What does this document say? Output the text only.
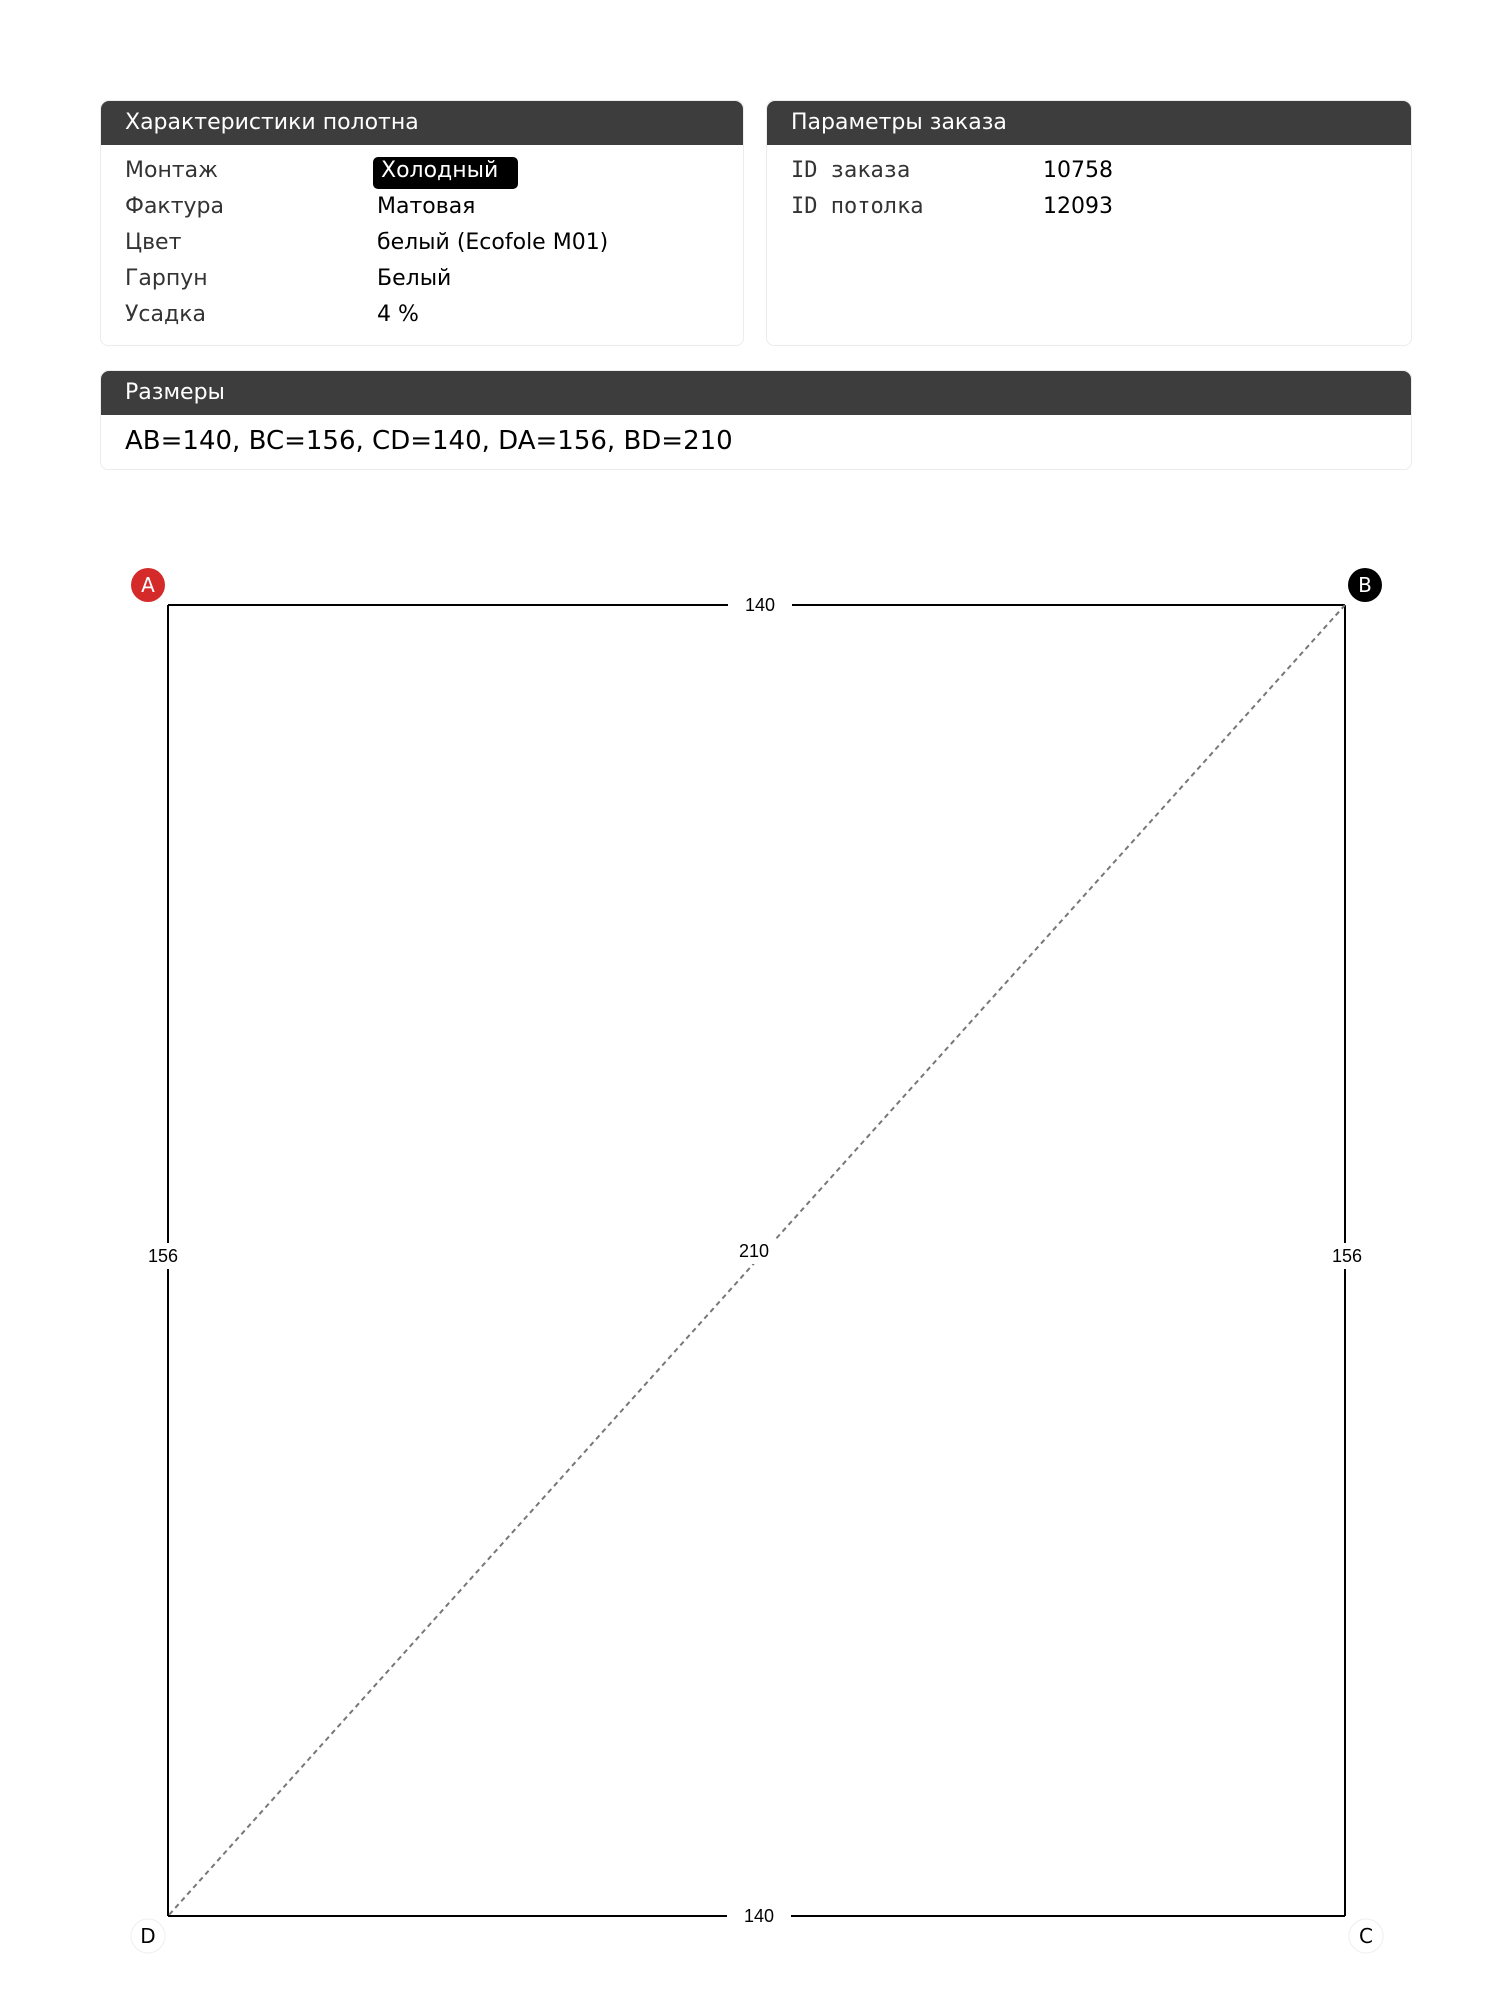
Характеристики полотна
Монтаж	Холодный
Фактура	Матовая
Цвет	белый (Ecofole M01)
Гарпун	Белый
Усадка	4 %
Параметры заказа
ID заказа	10758
ID потолка	12093
Размеры
AB=140, BC=156, CD=140, DA=156, BD=210
140
140
156	156
210
A	B
C
D
